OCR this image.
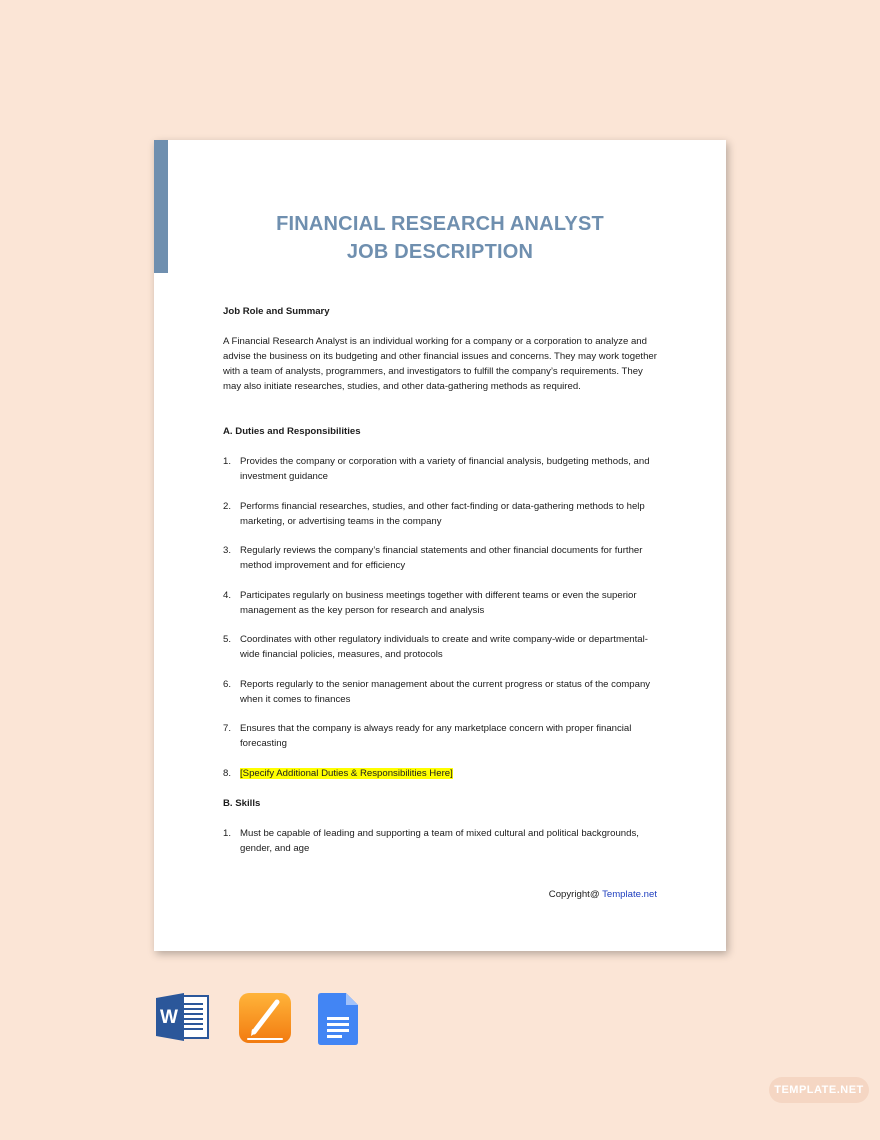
FINANCIAL RESEARCH ANALYST
JOB DESCRIPTION

Job Role and Summary

A Financial Research Analyst is an individual working for a company or a corporation to analyze and advise the business on its budgeting and other financial issues and concerns. They may work together with a team of analysts, programmers, and investigators to fulfill the company’s requirements. They may also initiate researches, studies, and other data-gathering methods as required.

A. Duties and Responsibilities

1. Provides the company or corporation with a variety of financial analysis, budgeting methods, and investment guidance
2. Performs financial researches, studies, and other fact-finding or data-gathering methods to help marketing, or advertising teams in the company
3. Regularly reviews the company’s financial statements and other financial documents for further method improvement and for efficiency
4. Participates regularly on business meetings together with different teams or even the superior management as the key person for research and analysis
5. Coordinates with other regulatory individuals to create and write company-wide or departmental-wide financial policies, measures, and protocols
6. Reports regularly to the senior management about the current progress or status of the company when it comes to finances
7. Ensures that the company is always ready for any marketplace concern with proper financial forecasting
8. [Specify Additional Duties & Responsibilities Here]

B. Skills

1. Must be capable of leading and supporting a team of mixed cultural and political backgrounds, gender, and age
Copyright@ Template.net
W
TEMPLATE.NET
